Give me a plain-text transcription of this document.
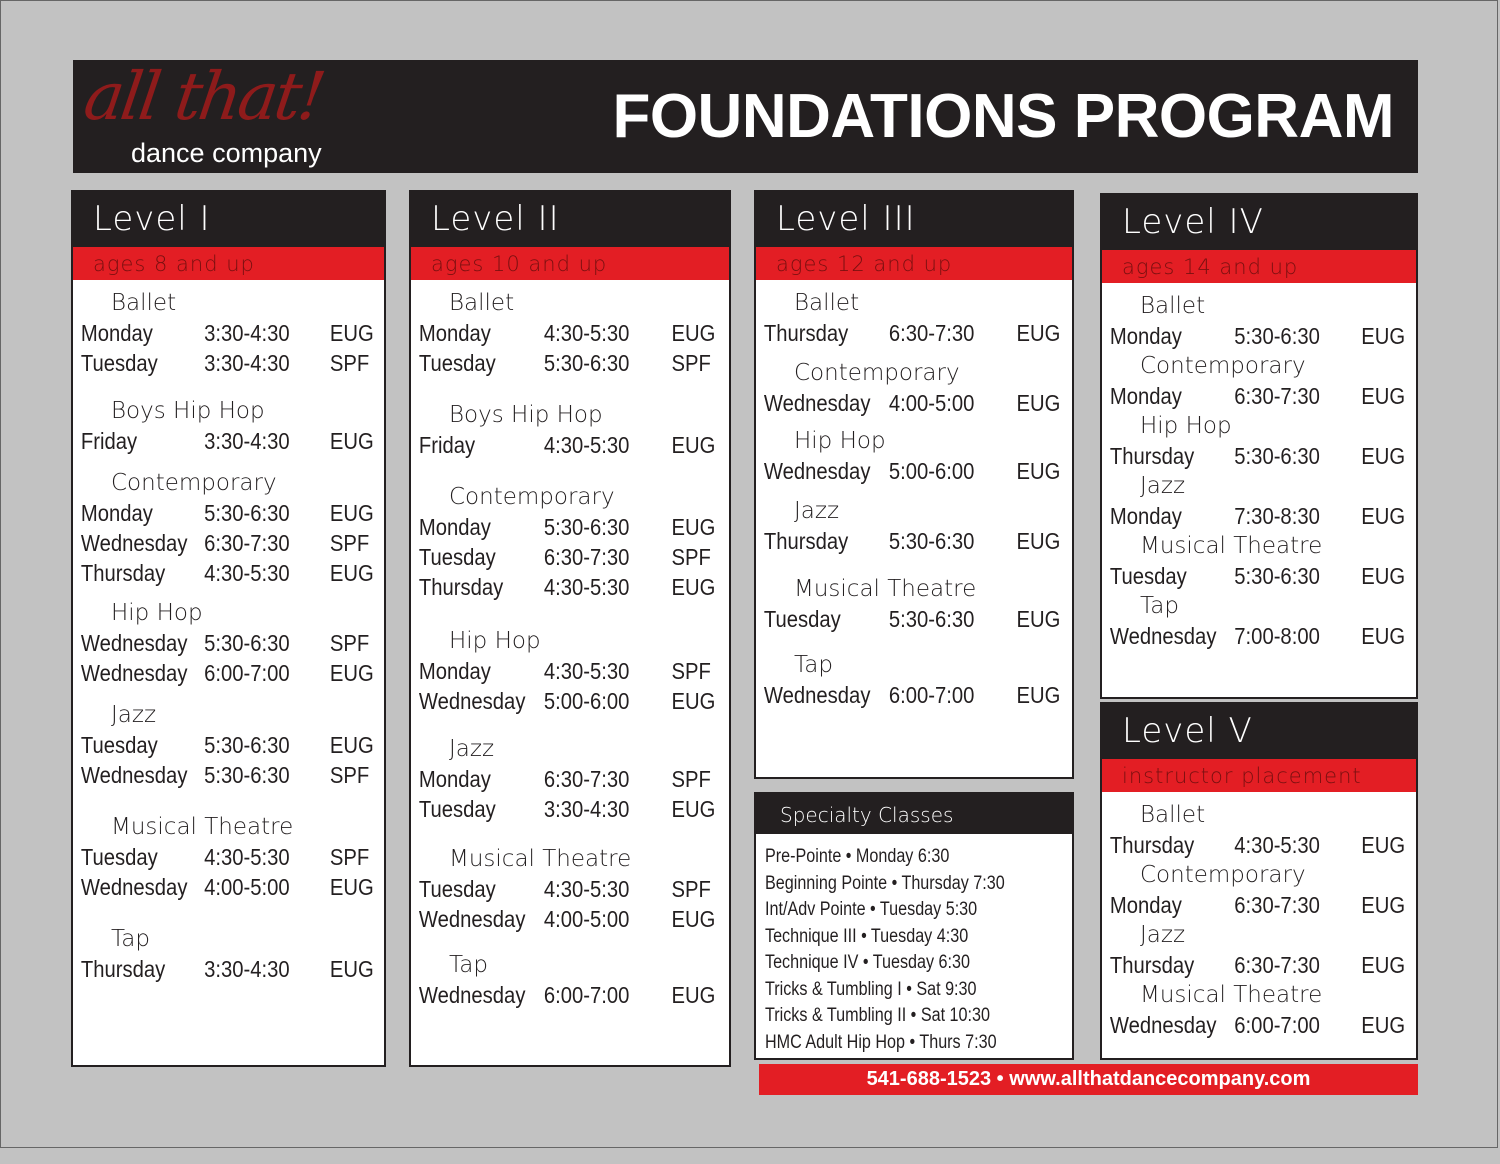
all that!
dance company
FOUNDATIONS PROGRAM
Level I
ages 8 and up
Ballet
Monday	3:30-4:30	EUG
Tuesday	3:30-4:30	SPF
Boys Hip Hop
Friday	3:30-4:30	EUG
Contemporary
Monday	5:30-6:30	EUG
Wednesday 6:30-7:30	SPF
Thursday	4:30-5:30	EUG
Hip Hop
Wednesday 5:30-6:30	SPF
Wednesday 6:00-7:00	EUG
Jazz
Tuesday	5:30-6:30	EUG
Wednesday 5:30-6:30	SPF
Musical Theatre
Tuesday	4:30-5:30	SPF
Wednesday 4:00-5:00	EUG
Tap
Thursday	3:30-4:30	EUG
Level II
ages 10 and up
Ballet
Monday	4:30-5:30	EUG
Tuesday	5:30-6:30	SPF
Boys Hip Hop
Friday	4:30-5:30	EUG
Contemporary
Monday	5:30-6:30	EUG
Tuesday	6:30-7:30	SPF
Thursday	4:30-5:30	EUG
Hip Hop
Monday	4:30-5:30	SPF
Wednesday 5:00-6:00	EUG
Jazz
Monday	6:30-7:30	SPF
Tuesday	3:30-4:30	EUG
Musical Theatre
Tuesday	4:30-5:30	SPF
Wednesday 4:00-5:00	EUG
Tap
Wednesday 6:00-7:00	EUG
Level III
ages 12 and up
Ballet
Thursday	6:30-7:30	EUG
Contemporary
Wednesday 4:00-5:00	EUG
Hip Hop
Wednesday 5:00-6:00	EUG
Jazz
Thursday	5:30-6:30	EUG
Musical Theatre
Tuesday	5:30-6:30	EUG
Tap
Wednesday 6:00-7:00	EUG
Level IV
ages 14 and up
Ballet
Monday	5:30-6:30	EUG
Contemporary
Monday	6:30-7:30	EUG
Hip Hop
Thursday	5:30-6:30	EUG
Jazz
Monday	7:30-8:30	EUG
Musical Theatre
Tuesday	5:30-6:30	EUG
Tap
Wednesday 7:00-8:00	EUG
Level V
instructor placement
Ballet
Thursday	4:30-5:30	EUG
Contemporary
Monday	6:30-7:30	EUG
Jazz
Thursday	6:30-7:30	EUG
Musical Theatre
Wednesday 6:00-7:00	EUG
Specialty Classes
Pre-Pointe • Monday 6:30
Beginning Pointe • Thursday 7:30
Int/Adv Pointe • Tuesday 5:30
Technique III • Tuesday 4:30
Technique IV • Tuesday 6:30
Tricks & Tumbling I • Sat 9:30
Tricks & Tumbling II • Sat 10:30
HMC Adult Hip Hop • Thurs 7:30
541-688-1523 • www.allthatdancecompany.com
